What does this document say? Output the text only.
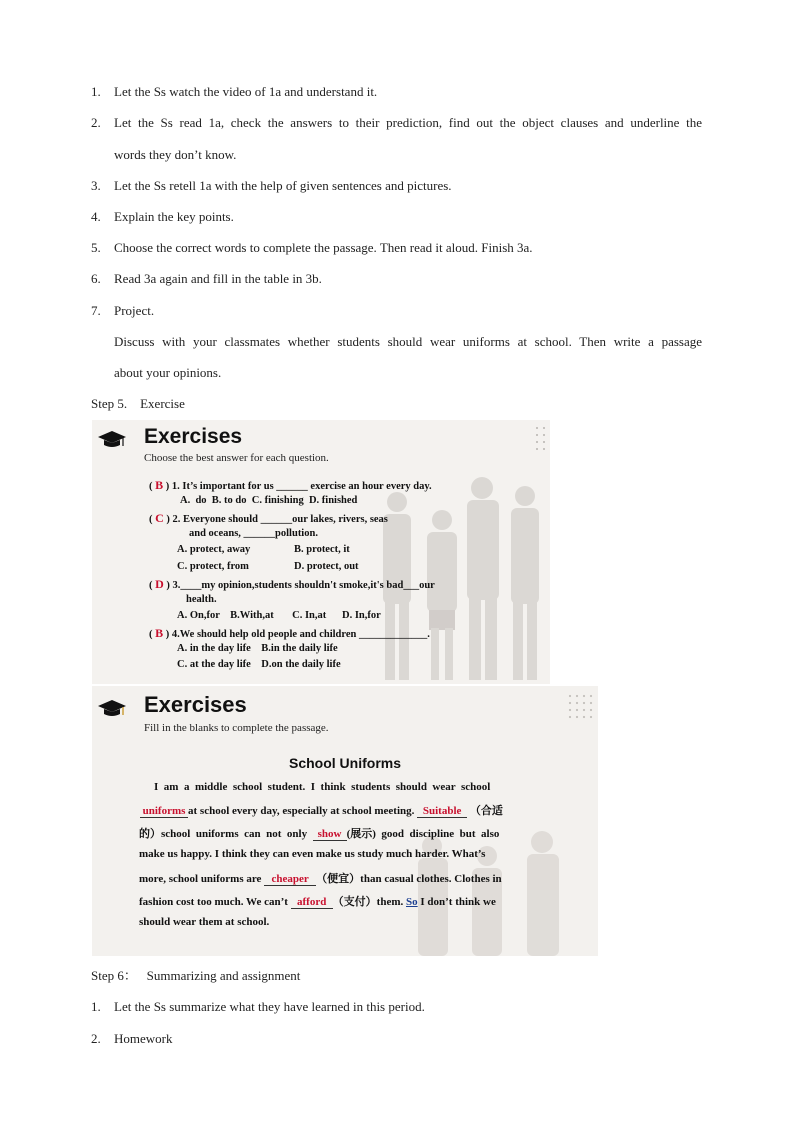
1. Let the Ss watch the video of 1a and understand it.
2. Let the Ss read 1a, check the answers to their prediction, find out the object clauses and underline the
words they don’t know.
3. Let the Ss retell 1a with the help of given sentences and pictures.
4. Explain the key points.
5. Choose the correct words to complete the passage. Then read it aloud. Finish 3a.
6. Read 3a again and fill in the table in 3b.
7. Project.
Discuss with your classmates whether students should wear uniforms at school. Then write a passage
about your opinions.
Step 5.    Exercise
Exercises
Choose the best answer for each question.
( B ) 1. It’s important for us ______ exercise an hour every day.
A.  do  B. to do  C. finishing  D. finished
( C ) 2. Everyone should ______our lakes, rivers, seas
and oceans, ______pollution.
A. protect, away	B. protect, it
C. protect, from	D. protect, out
( D ) 3.____my opinion,students shouldn't smoke,it's bad___our
health.
A. On,for    B.With,at       C. In,at      D. In,for
( B ) 4.We should help old people and children _____________.
A. in the day life    B.in the daily life
C. at the day life    D.on the daily life
Exercises
Fill in the blanks to complete the passage.
School Uniforms
I  am  a  middle  school  student.  I  think  students  should  wear  school
uniforms at school every day, especially at school meeting. Suitable （合适
的）school  uniforms  can  not  only show (展示)  good  discipline  but  also
make us happy. I think they can even make us study much harder. What’s
more, school uniforms are cheaper （便宜）than casual clothes. Clothes in
fashion cost too much. We can’t afford （支付）them. So I don’t think we
should wear them at school.
Step 6：   Summarizing and assignment
1. Let the Ss summarize what they have learned in this period.
2. Homework
